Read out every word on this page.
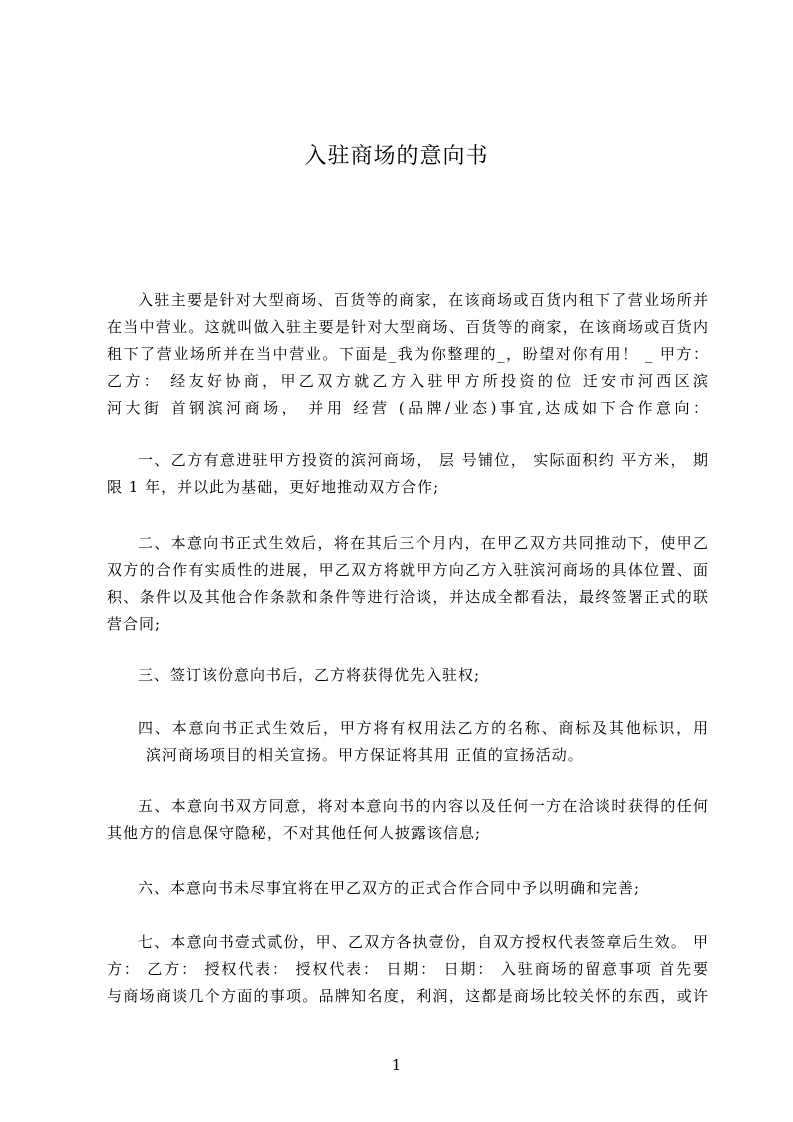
入驻商场的意向书
入驻主要是针对大型商场、百货等的商家，在该商场或百货内租下了营业场所并
在当中营业。这就叫做入驻主要是针对大型商场、百货等的商家，在该商场或百货内
租下了营业场所并在当中营业。下面是_我为你整理的_，盼望对你有用！ _ 甲方：
乙方： 经友好协商，甲乙双方就乙方入驻甲方所投资的位 迁安市河西区滨
河大街 首钢滨河商场， 并用 经营 (品牌/业态)事宜,达成如下合作意向：
一、乙方有意进驻甲方投资的滨河商场， 层 号铺位， 实际面积约 平方米， 期
限 1 年，并以此为基础，更好地推动双方合作;
二、本意向书正式生效后，将在其后三个月内，在甲乙双方共同推动下，使甲乙
双方的合作有实质性的进展，甲乙双方将就甲方向乙方入驻滨河商场的具体位置、面
积、条件以及其他合作条款和条件等进行洽谈，并达成全都看法，最终签署正式的联
营合同;
三、签订该份意向书后，乙方将获得优先入驻权;
四、本意向书正式生效后，甲方将有权用法乙方的名称、商标及其他标识，用
滨河商场项目的相关宣扬。甲方保证将其用 正值的宣扬活动。
五、本意向书双方同意，将对本意向书的内容以及任何一方在洽谈时获得的任何
其他方的信息保守隐秘，不对其他任何人披露该信息;
六、本意向书未尽事宜将在甲乙双方的正式合作合同中予以明确和完善;
七、本意向书壹式贰份，甲、乙双方各执壹份，自双方授权代表签章后生效。 甲
方： 乙方： 授权代表： 授权代表： 日期： 日期： 入驻商场的留意事项 首先要
与商场商谈几个方面的事项。品牌知名度，利润，这都是商场比较关怀的东西，或许
1
